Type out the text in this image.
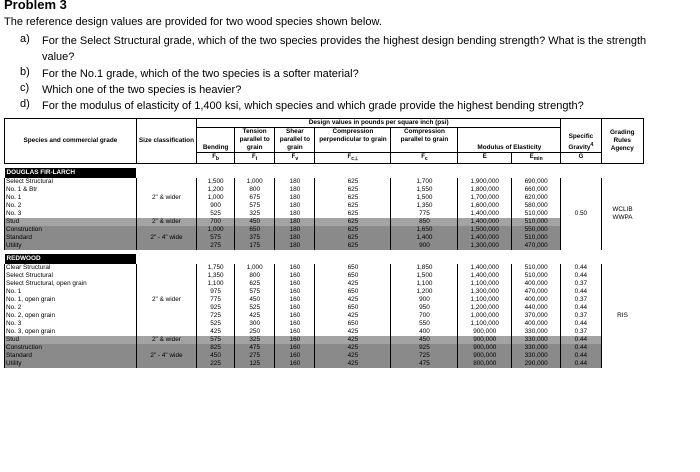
Problem 3
The reference design values are provided for two wood species shown below.
a) For the Select Structural grade, which of the two species provides the highest design bending strength? What is the strength value?
b) For the No.1 grade, which of the two species is a softer material?
c) Which one of the two species is heavier?
d) For the modulus of elasticity of 1,400 ksi, which species and which grade provide the highest bending strength?
Species and commercial grade	Size classification	Design values in pounds per square inch (psi)							Specific Gravity$^4$	Grading Rules Agency
		Bending	Tension parallel to grain	Shear parallel to grain	Compression perpendicular to grain	Compression parallel to grain	Modulus of Elasticity			
		$F_b$	$F_t$	$F_v$	$F_{c\perp}$	$F_c$	E	$E_{min}$	G	

DOUGLAS FIR-LARCH										
Select Structural		1,500	1,000	180	625	1,700	1,900,000	690,000	0.50	WCLIB WWPA
No. 1 & Btr		1,200	800	180	625	1,550	1,800,000	660,000		
No. 1	2" & wider	1,000	675	180	625	1,500	1,700,000	620,000		
No. 2		900	575	180	625	1,350	1,600,000	580,000		
No. 3		525	325	180	625	775	1,400,000	510,000		
Stud	2" & wider	700	450	180	625	850	1,400,000	510,000		
Construction		1,000	650	180	625	1,650	1,500,000	550,000		
Standard	2" - 4" wide	575	375	180	625	1,400	1,400,000	510,000		
Utility		275	175	180	625	900	1,300,000	470,000		

REDWOOD										
Clear Structural		1,750	1,000	160	650	1,850	1,400,000	510,000	0.44	RIS
Select Structural		1,350	800	160	650	1,500	1,400,000	510,000	0.44	
Select Structural, open grain		1,100	625	160	425	1,100	1,100,000	400,000	0.37	
No. 1		975	575	160	650	1,200	1,300,000	470,000	0.44	
No. 1, open grain	2" & wider	775	450	160	425	900	1,100,000	400,000	0.37	
No. 2		925	525	160	650	950	1,200,000	440,000	0.44	
No. 2, open grain		725	425	160	425	700	1,000,000	370,000	0.37	
No. 3		525	300	160	650	550	1,100,000	400,000	0.44	
No. 3, open grain		425	250	160	425	400	900,000	330,000	0.37	
Stud	2" & wider	575	325	160	425	450	900,000	330,000	0.44	
Construction		825	475	160	425	925	900,000	330,000	0.44	
Standard	2" - 4" wide	450	275	160	425	725	900,000	330,000	0.44	
Utility		225	125	160	425	475	800,000	290,000	0.44	
